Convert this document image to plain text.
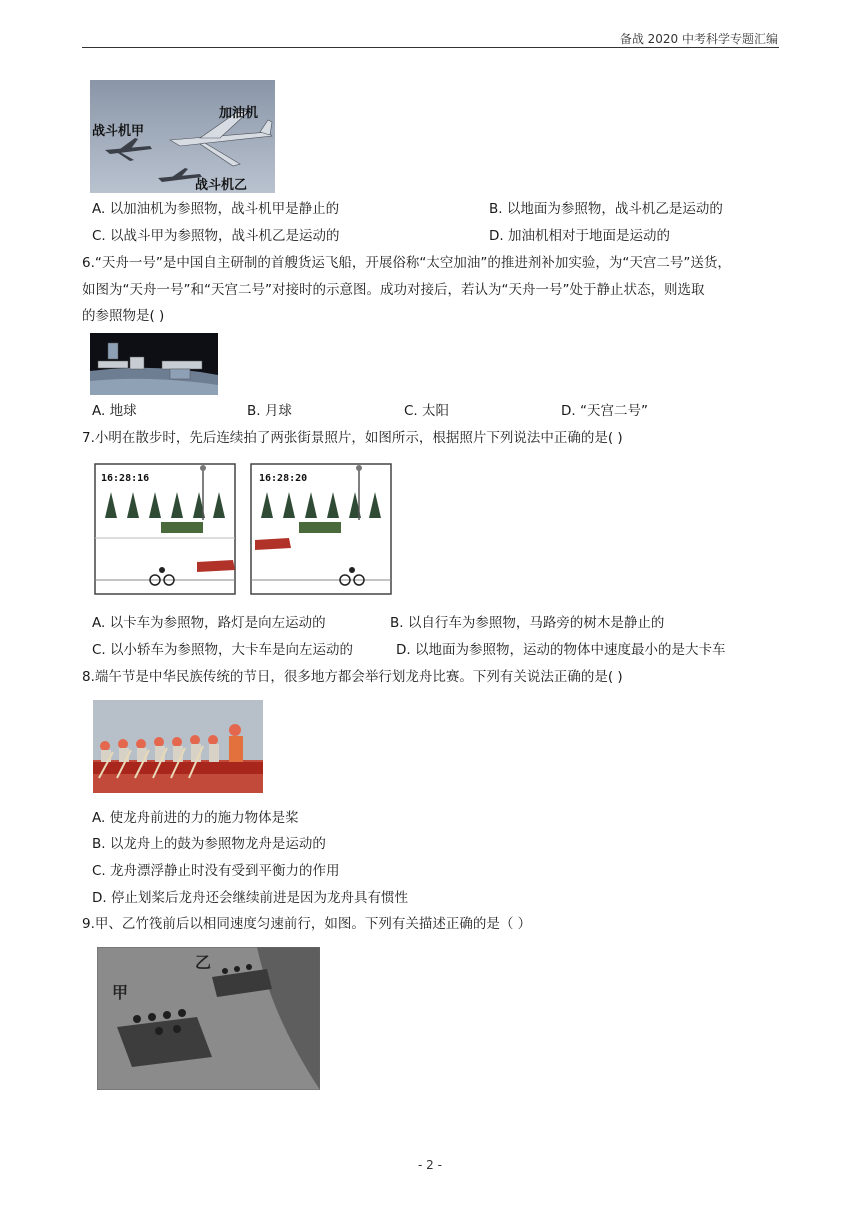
备战 2020 中考科学专题汇编
加油机
战斗机甲
战斗机乙
A. 以加油机为参照物，战斗机甲是静止的	B. 以地面为参照物，战斗机乙是运动的
C. 以战斗甲为参照物，战斗机乙是运动的	D. 加油机相对于地面是运动的
6.“天舟一号”是中国自主研制的首艘货运飞船，开展俗称“太空加油”的推进剂补加实验，为“天宫二号”送货，
如图为“天舟一号”和“天宫二号”对接时的示意图。成功对接后，若认为“天舟一号”处于静止状态，则选取
的参照物是( )
A. 地球	B. 月球	C. 太阳	D. “天宫二号”
7.小明在散步时，先后连续拍了两张街景照片，如图所示，根据照片下列说法中正确的是( )
16:28:16	16:28:20
A. 以卡车为参照物，路灯是向左运动的	B. 以自行车为参照物，马路旁的树木是静止的
C. 以小轿车为参照物，大卡车是向左运动的	D. 以地面为参照物，运动的物体中速度最小的是大卡车
8.端午节是中华民族传统的节日，很多地方都会举行划龙舟比赛。下列有关说法正确的是( )
A. 使龙舟前进的力的施力物体是桨
B. 以龙舟上的鼓为参照物龙舟是运动的
C. 龙舟漂浮静止时没有受到平衡力的作用
D. 停止划桨后龙舟还会继续前进是因为龙舟具有惯性
9.甲、乙竹筏前后以相同速度匀速前行，如图。下列有关描述正确的是（ ）
甲
乙
- 2 -
